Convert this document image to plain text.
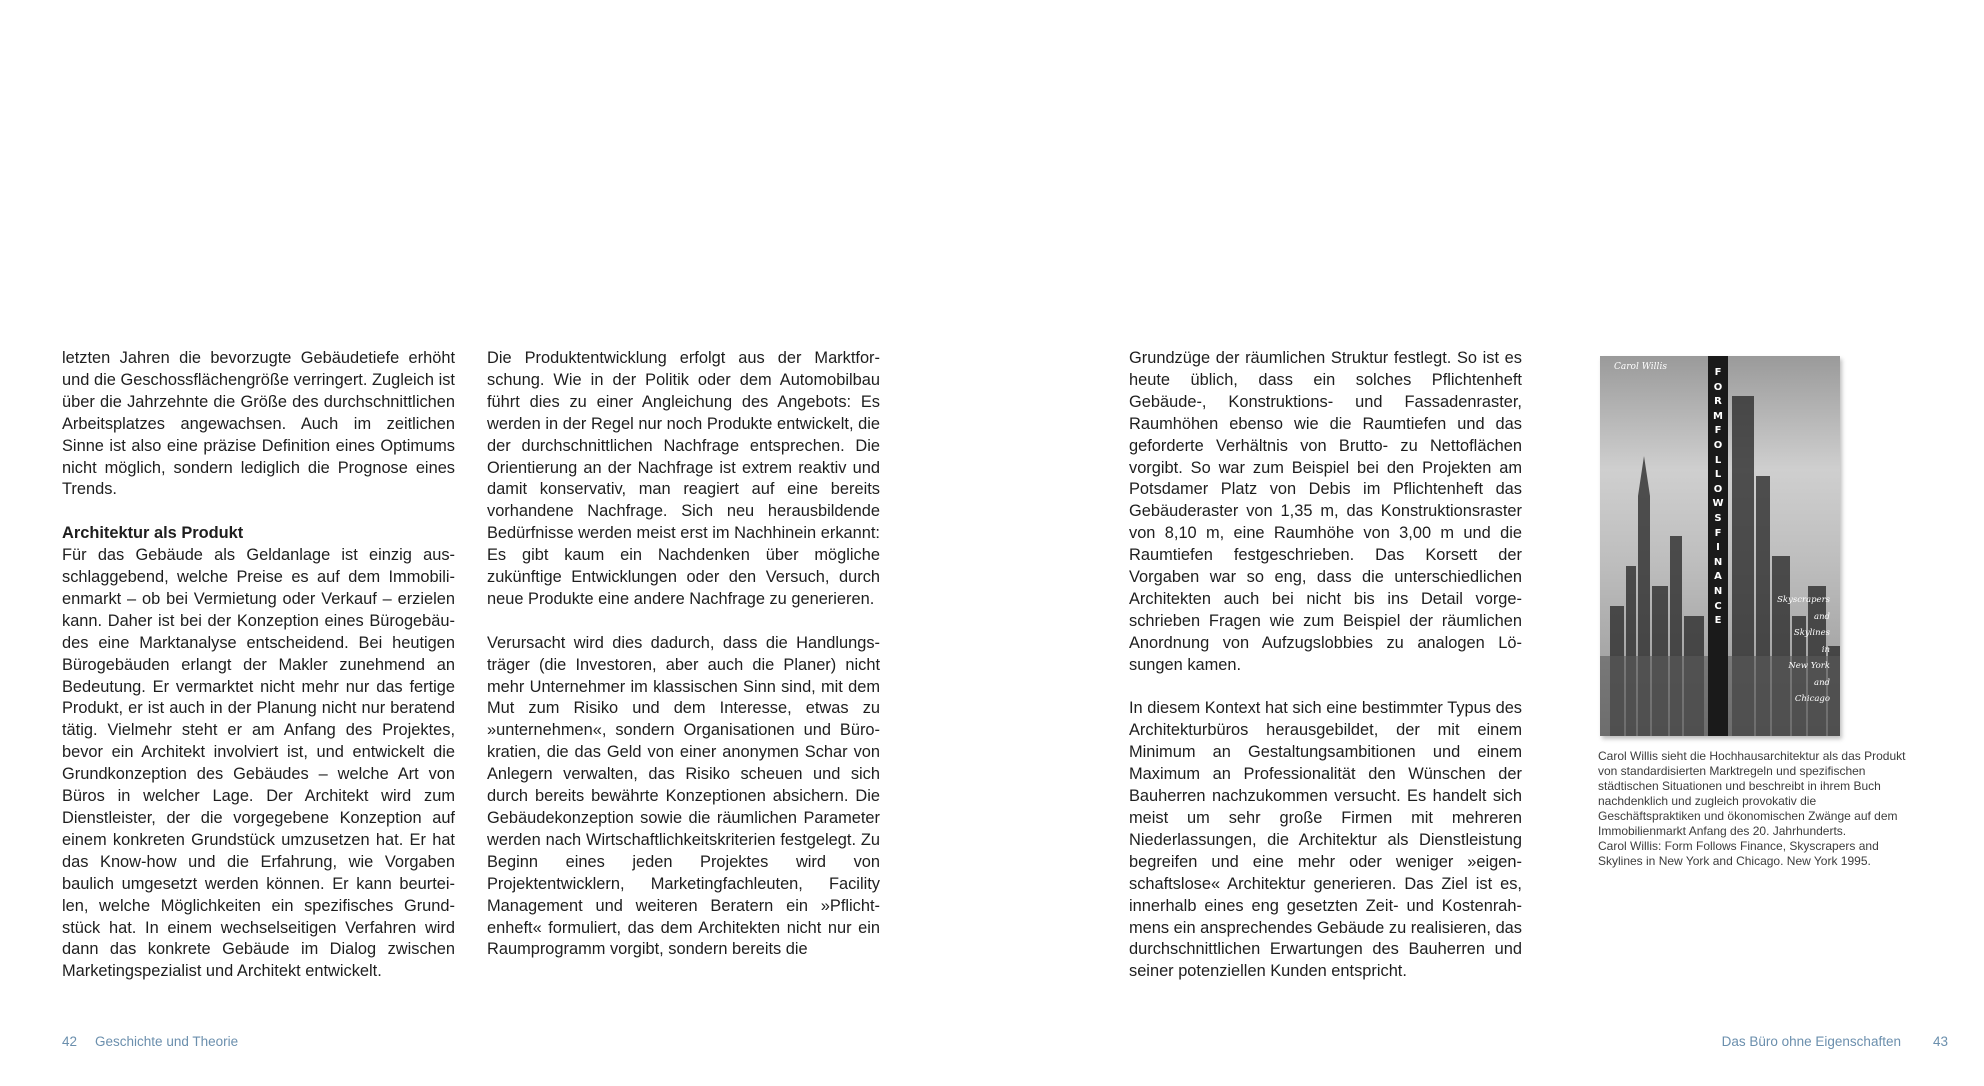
letzten Jahren die bevorzugte Gebäudetiefe erhöht und die Geschossflächengröße verringert. Zugleich ist über die Jahrzehnte die Größe des durchschnittlichen Arbeitsplatzes angewachsen. Auch im zeitlichen Sinne ist also eine präzise Definition eines Optimums nicht möglich, sondern lediglich die Prognose eines Trends.

Architektur als Produkt

Für das Gebäude als Geldanlage ist einzig ausschlaggebend, welche Preise es auf dem Immobilienmarkt – ob bei Vermietung oder Verkauf – erzielen kann. Daher ist bei der Konzeption eines Bürogebäudes eine Marktanalyse entscheidend. Bei heutigen Bürogebäuden erlangt der Makler zunehmend an Bedeutung. Er vermarktet nicht mehr nur das fertige Produkt, er ist auch in der Planung nicht nur beratend tätig. Vielmehr steht er am Anfang des Projektes, bevor ein Architekt involviert ist, und entwickelt die Grundkonzeption des Gebäudes – welche Art von Büros in welcher Lage. Der Architekt wird zum Dienstleister, der die vorgegebene Konzeption auf einem konkreten Grundstück umzusetzen hat. Er hat das Know-how und die Erfahrung, wie Vorgaben baulich umgesetzt werden können. Er kann beurteilen, welche Möglichkeiten ein spezifisches Grundstück hat. In einem wechselseitigen Verfahren wird dann das konkrete Gebäude im Dialog zwischen Marketingspezialist und Architekt entwickelt.

Die Produktentwicklung erfolgt aus der Marktforschung. Wie in der Politik oder dem Automobilbau führt dies zu einer Angleichung des Angebots: Es werden in der Regel nur noch Produkte entwickelt, die der durchschnittlichen Nachfrage entsprechen. Die Orientierung an der Nachfrage ist extrem reaktiv und damit konservativ, man reagiert auf eine bereits vorhandene Nachfrage. Sich neu herausbildende Bedürfnisse werden meist erst im Nachhinein erkannt: Es gibt kaum ein Nachdenken über mögliche zukünftige Entwicklungen oder den Versuch, durch neue Produkte eine andere Nachfrage zu generieren.

Verursacht wird dies dadurch, dass die Handlungsträger (die Investoren, aber auch die Planer) nicht mehr Unternehmer im klassischen Sinn sind, mit dem Mut zum Risiko und dem Interesse, etwas zu »unternehmen«, sondern Organisationen und Bürokratien, die das Geld von einer anonymen Schar von Anlegern verwalten, das Risiko scheuen und sich durch bereits bewährte Konzeptionen absichern. Die Gebäudekonzeption sowie die räumlichen Parameter werden nach Wirtschaftlichkeitskriterien festgelegt. Zu Beginn eines jeden Projektes wird von Projektentwicklern, Marketingfachleuten, Facility Management und weiteren Beratern ein »Pflichtenheft« formuliert, das dem Architekten nicht nur ein Raumprogramm vorgibt, sondern bereits die

Grundzüge der räumlichen Struktur festlegt. So ist es heute üblich, dass ein solches Pflichtenheft Gebäude-, Konstruktions- und Fassadenraster, Raumhöhen ebenso wie die Raumtiefen und das geforderte Verhältnis von Brutto- zu Nettoflächen vorgibt. So war zum Beispiel bei den Projekten am Potsdamer Platz von Debis im Pflichtenheft das Gebäuderaster von 1,35 m, das Konstruktionsraster von 8,10 m, eine Raumhöhe von 3,00 m und die Raumtiefen festgeschrieben. Das Korsett der Vorgaben war so eng, dass die unterschiedlichen Architekten auch bei nicht bis ins Detail vorgeschrieben Fragen wie zum Beispiel der räumlichen Anordnung von Aufzugslobbies zu analogen Lösungen kamen.

In diesem Kontext hat sich eine bestimmter Typus des Architekturbüros herausgebildet, der mit einem Minimum an Gestaltungsambitionen und einem Maximum an Professionalität den Wünschen der Bauherren nachzukommen versucht. Es handelt sich meist um sehr große Firmen mit mehreren Niederlassungen, die Architektur als Dienstleistung begreifen und eine mehr oder weniger »eigenschaftslose« Architektur generieren. Das Ziel ist es, innerhalb eines eng gesetzten Zeit- und Kostenrahmens ein ansprechendes Gebäude zu realisieren, das durchschnittlichen Erwartungen des Bauherren und seiner potenziellen Kunden entspricht.

Carol Willis	F
O
R
M
F
O
L
L
O
W
S
F
I
N
A
N
C
E
Skyscrapers
and
Skylines
in
New York
and
Chicago

Carol Willis sieht die Hochhausarchitektur als das Produkt von standardisierten Marktregeln und spezifischen städtischen Situationen und beschreibt in ihrem Buch nachdenklich und zugleich provokativ die Geschäftspraktiken und ökonomischen Zwänge auf dem Immobilienmarkt Anfang des 20. Jahrhunderts.

Carol Willis: Form Follows Finance, Skyscrapers and Skylines in New York and Chicago. New York 1995.

42 Geschichte und Theorie	Das Büro ohne Eigenschaften 43
